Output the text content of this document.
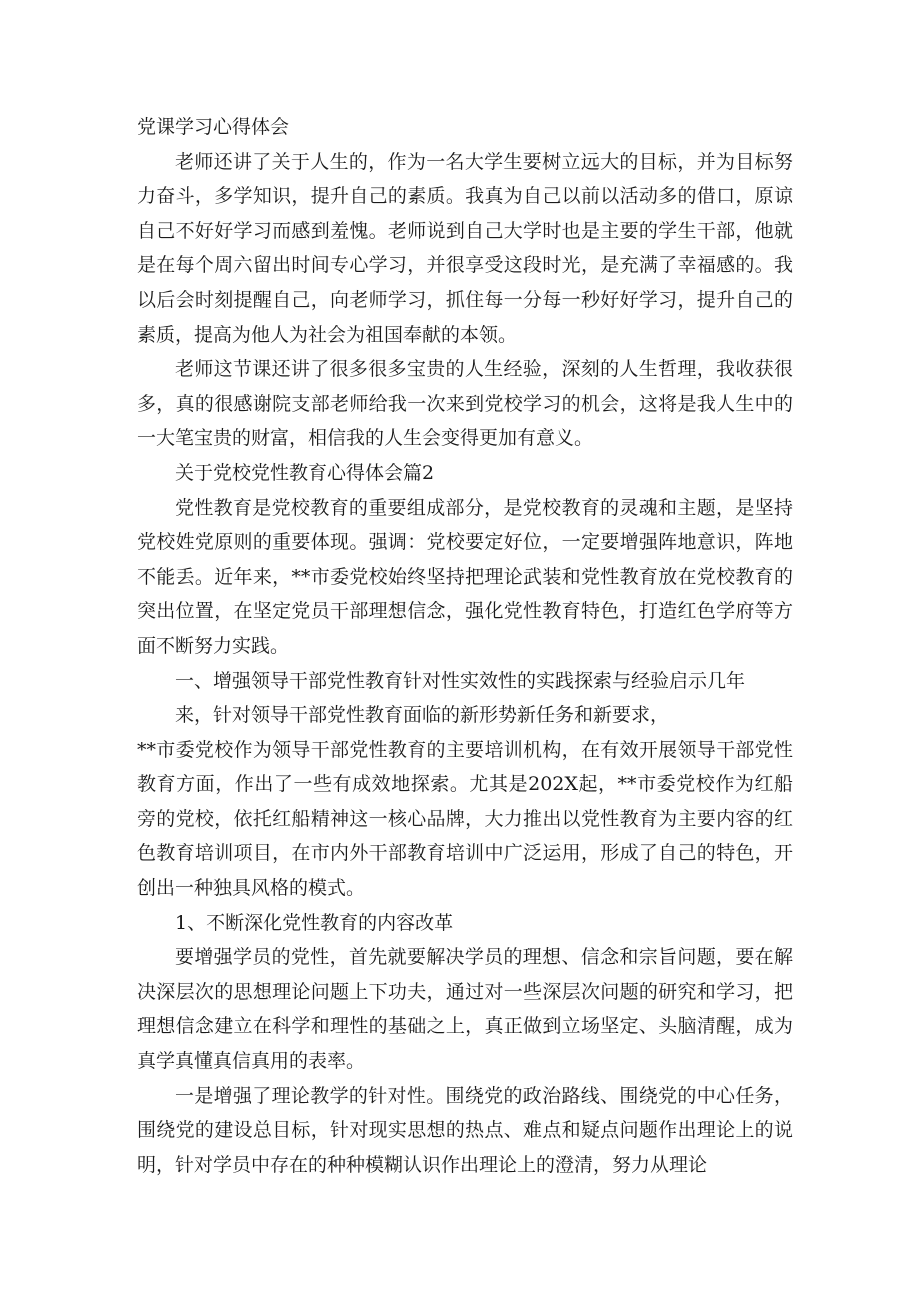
党课学习心得体会

老师还讲了关于人生的，作为一名大学生要树立远大的目标，并为目标努力奋斗，多学知识，提升自己的素质。我真为自己以前以活动多的借口，原谅自己不好好学习而感到羞愧。老师说到自己大学时也是主要的学生干部，他就是在每个周六留出时间专心学习，并很享受这段时光，是充满了幸福感的。我以后会时刻提醒自己，向老师学习，抓住每一分每一秒好好学习，提升自己的素质，提高为他人为社会为祖国奉献的本领。

老师这节课还讲了很多很多宝贵的人生经验，深刻的人生哲理，我收获很多，真的很感谢院支部老师给我一次来到党校学习的机会，这将是我人生中的一大笔宝贵的财富，相信我的人生会变得更加有意义。

关于党校党性教育心得体会篇2

党性教育是党校教育的重要组成部分，是党校教育的灵魂和主题，是坚持党校姓党原则的重要体现。强调：党校要定好位，一定要增强阵地意识，阵地不能丢。近年来，**市委党校始终坚持把理论武装和党性教育放在党校教育的突出位置，在坚定党员干部理想信念，强化党性教育特色，打造红色学府等方面不断努力实践。

一、增强领导干部党性教育针对性实效性的实践探索与经验启示几年

来，针对领导干部党性教育面临的新形势新任务和新要求，

**市委党校作为领导干部党性教育的主要培训机构，在有效开展领导干部党性教育方面，作出了一些有成效地探索。尤其是202X起，**市委党校作为红船旁的党校，依托红船精神这一核心品牌，大力推出以党性教育为主要内容的红色教育培训项目，在市内外干部教育培训中广泛运用，形成了自己的特色，开创出一种独具风格的模式。

1、不断深化党性教育的内容改革

要增强学员的党性，首先就要解决学员的理想、信念和宗旨问题，要在解决深层次的思想理论问题上下功夫，通过对一些深层次问题的研究和学习，把理想信念建立在科学和理性的基础之上，真正做到立场坚定、头脑清醒，成为真学真懂真信真用的表率。

一是增强了理论教学的针对性。围绕党的政治路线、围绕党的中心任务，围绕党的建设总目标，针对现实思想的热点、难点和疑点问题作出理论上的说明，针对学员中存在的种种模糊认识作出理论上的澄清，努力从理论
